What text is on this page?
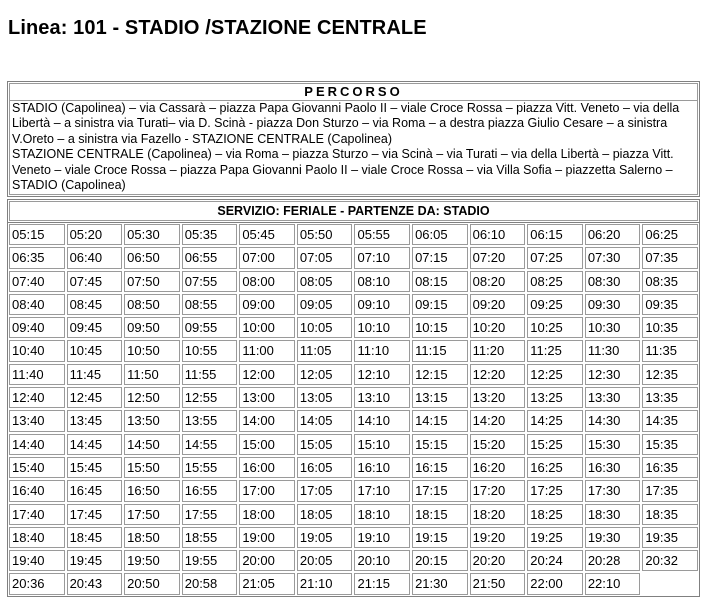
Linea: 101 - STADIO /STAZIONE CENTRALE
PERCORSO
STADIO (Capolinea) – via Cassarà – piazza Papa Giovanni Paolo II – viale Croce Rossa – piazza Vitt. Veneto – via della Libertà – a sinistra via Turati– via D. Scinà - piazza Don Sturzo – via Roma – a destra piazza Giulio Cesare – a sinistra V.Oreto – a sinistra via Fazello - STAZIONE CENTRALE (Capolinea)
STAZIONE CENTRALE (Capolinea) – via Roma – piazza Sturzo – via Scinà – via Turati – via della Libertà – piazza Vitt. Veneto – viale Croce Rossa – piazza Papa Giovanni Paolo II – viale Croce Rossa – via Villa Sofia – piazzetta Salerno – STADIO (Capolinea)
SERVIZIO: FERIALE - PARTENZE DA: STADIO
05:15	05:20	05:30	05:35	05:45	05:50	05:55	06:05	06:10	06:15	06:20	06:25
06:35	06:40	06:50	06:55	07:00	07:05	07:10	07:15	07:20	07:25	07:30	07:35
07:40	07:45	07:50	07:55	08:00	08:05	08:10	08:15	08:20	08:25	08:30	08:35
08:40	08:45	08:50	08:55	09:00	09:05	09:10	09:15	09:20	09:25	09:30	09:35
09:40	09:45	09:50	09:55	10:00	10:05	10:10	10:15	10:20	10:25	10:30	10:35
10:40	10:45	10:50	10:55	11:00	11:05	11:10	11:15	11:20	11:25	11:30	11:35
11:40	11:45	11:50	11:55	12:00	12:05	12:10	12:15	12:20	12:25	12:30	12:35
12:40	12:45	12:50	12:55	13:00	13:05	13:10	13:15	13:20	13:25	13:30	13:35
13:40	13:45	13:50	13:55	14:00	14:05	14:10	14:15	14:20	14:25	14:30	14:35
14:40	14:45	14:50	14:55	15:00	15:05	15:10	15:15	15:20	15:25	15:30	15:35
15:40	15:45	15:50	15:55	16:00	16:05	16:10	16:15	16:20	16:25	16:30	16:35
16:40	16:45	16:50	16:55	17:00	17:05	17:10	17:15	17:20	17:25	17:30	17:35
17:40	17:45	17:50	17:55	18:00	18:05	18:10	18:15	18:20	18:25	18:30	18:35
18:40	18:45	18:50	18:55	19:00	19:05	19:10	19:15	19:20	19:25	19:30	19:35
19:40	19:45	19:50	19:55	20:00	20:05	20:10	20:15	20:20	20:24	20:28	20:32
20:36	20:43	20:50	20:58	21:05	21:10	21:15	21:30	21:50	22:00	22:10
